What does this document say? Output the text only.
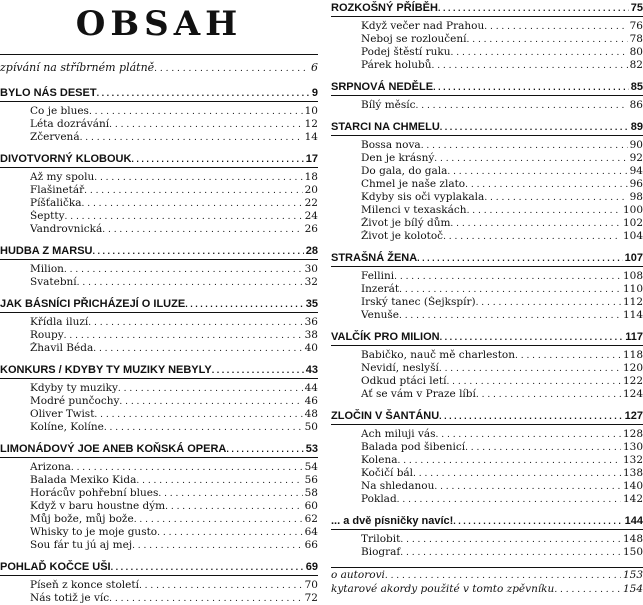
OBSAH
zpívání na stříbrném plátně . . .	6
BYLO NÁS DESET . . .	9
Co je blues . . .	10
Léta dozrávání . . .	12
Zčervená . . .	14
DIVOTVORNÝ KLOBOUK . . .	17
Až my spolu . . .	18
Flašinetář . . .	20
Píšťalička . . .	22
Šeptty . . .	24
Vandrovnická . . .	26
HUDBA Z MARSU . . .	28
Milion . . .	30
Svatební . . .	32
JAK BÁSNÍCI PŘICHÁZEJÍ O ILUZE . . .	35
Křídla iluzí . . .	36
Roupy . . .	38
Žhavil Béda . . .	40
KONKURS / KDYBY TY MUZIKY NEBYLY . . .	43
Kdyby ty muziky . . .	44
Modré punčochy . . .	46
Oliver Twist . . .	48
Kolíne, Kolíne . . .	50
LIMONÁDOVÝ JOE ANEB KOŇSKÁ OPERA . . .	53
Arizona . . .	54
Balada Mexiko Kida . . .	56
Horácův pohřební blues . . .	58
Když v baru houstne dým . . .	60
Můj bože, můj bože . . .	62
Whisky to je moje gusto . . .	64
Sou fár tu jú aj mej . . .	66
POHLAĎ KOČCE UŠI . . .	69
Píseň z konce století . . .	70
Nás totiž je víc . . .	72
ROZKOŠNÝ PŘÍBĚH . . .	75
Když večer nad Prahou . . .	76
Neboj se rozloučení . . .	78
Podej štěstí ruku . . .	80
Párek holubů . . .	82
SRPNOVÁ NEDĚLE . . .	85
Bílý měsíc . . .	86
STARCI NA CHMELU . . .	89
Bossa nova . . .	90
Den je krásný . . .	92
Do gala, do gala . . .	94
Chmel je naše zlato . . .	96
Kdyby sis oči vyplakala . . .	98
Milenci v texaskách . . .	100
Život je bílý dům . . .	102
Život je kolotoč . . .	104
STRAŠNÁ ŽENA . . .	107
Fellini . . .	108
Inzerát . . .	110
Irský tanec (Šejkspír) . . .	112
Venuše . . .	114
VALČÍK PRO MILION . . .	117
Babičko, nauč mě charleston . . .	118
Nevidí, neslyší . . .	120
Odkud ptáci letí . . .	122
Ať se vám v Praze líbí . . .	124
ZLOČIN V ŠANTÁNU . . .	127
Ach miluji vás . . .	128
Balada pod šibenicí . . .	130
Kolena . . .	132
Kočičí bál . . .	138
Na shledanou . . .	140
Poklad . . .	142
... a dvě písničky navíc! . . .	144
Trilobit . . .	148
Biograf . . .	150
o autorovi . . .	153
kytarové akordy použité v tomto zpěvníku . . .	154
